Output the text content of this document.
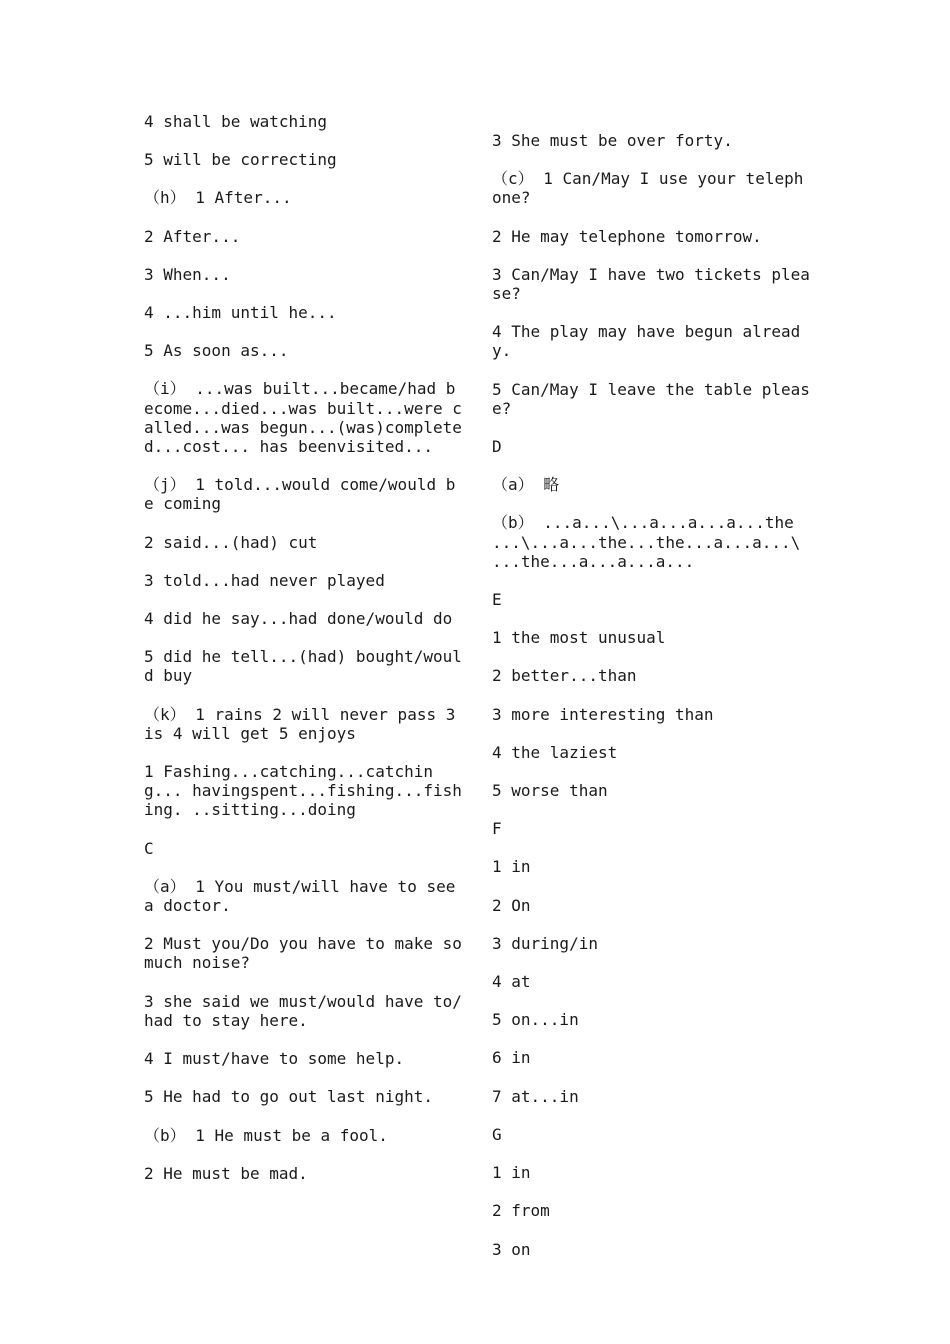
4 shall be watching

5 will be correcting

（h） 1 After...

2 After...

3 When...

4 ...him until he...

5 As soon as...

（i） ...was built...became/had become...died...was built...were called...was begun...(was)completed...cost... has beenvisited...

（j） 1 told...would come/would be coming

2 said...(had) cut

3 told...had never played

4 did he say...had done/would do

5 did he tell...(had) bought/would buy

（k） 1 rains 2 will never pass 3 is 4 will get 5 enjoys

1 Fashing...catching...catching... havingspent...fishing...fishing. ..sitting...doing

C

（a） 1 You must/will have to see a doctor.

2 Must you/Do you have to make so much noise?

3 she said we must/would have to/had to stay here.

4 I must/have to some help.

5 He had to go out last night.

（b） 1 He must be a fool.

2 He must be mad.

3 She must be over forty.

（c） 1 Can/May I use your telephone?

2 He may telephone tomorrow.

3 Can/May I have two tickets please?

4 The play may have begun already.

5 Can/May I leave the table please?

D

（a） 略

（b） ...a...\...a...a...a...the ...\...a...the...the...a...a...\ ...the...a...a...a...

E

1 the most unusual

2 better...than

3 more interesting than

4 the laziest

5 worse than

F

1 in

2 On

3 during/in

4 at

5 on...in

6 in

7 at...in

G

1 in

2 from

3 on
